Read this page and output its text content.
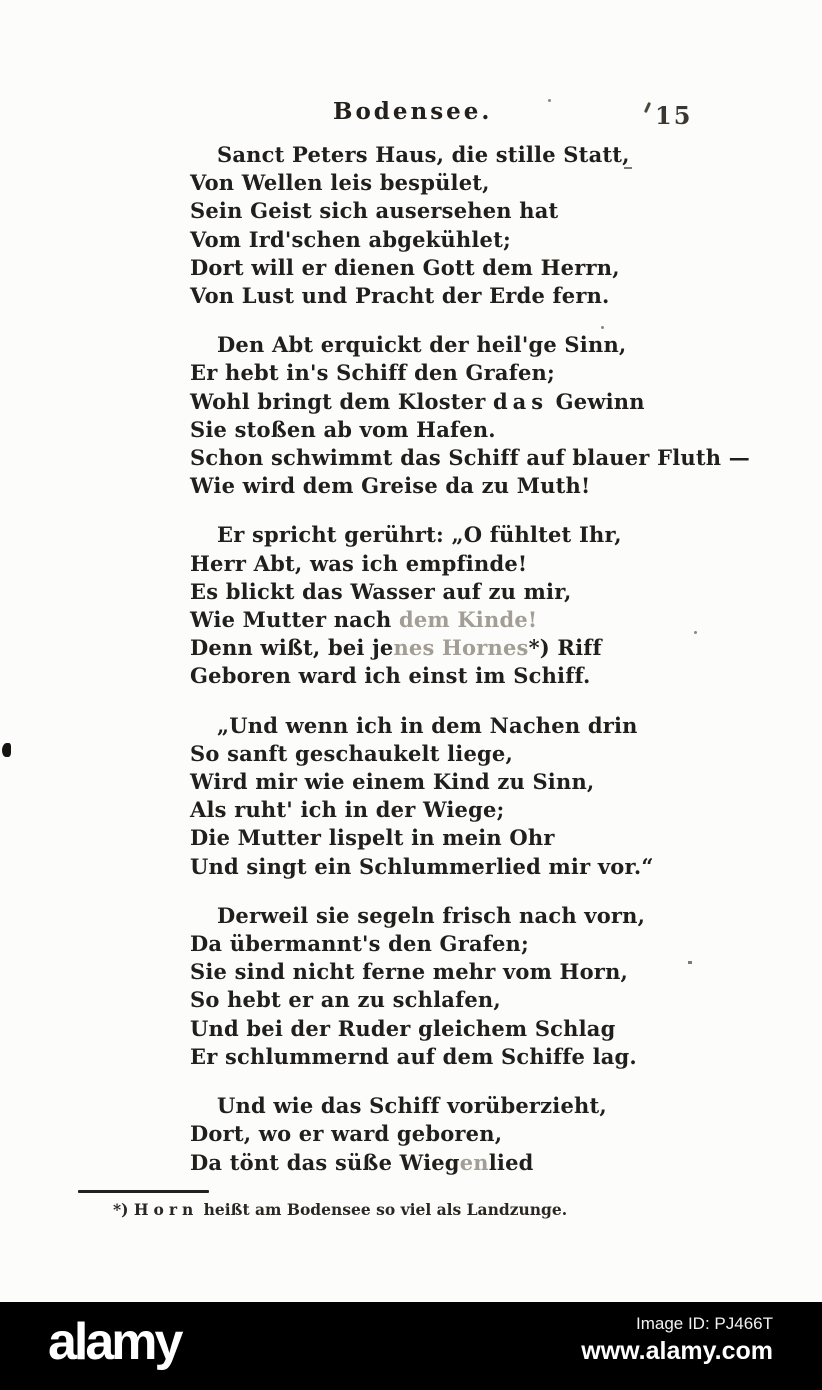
Bodensee.	15
Sanct Peters Haus, die stille Statt,
Von Wellen leis bespület,
Sein Geist sich ausersehen hat
Vom Ird'schen abgekühlet;
Dort will er dienen Gott dem Herrn,
Von Lust und Pracht der Erde fern.
Den Abt erquickt der heil'ge Sinn,
Er hebt in's Schiff den Grafen;
Wohl bringt dem Kloster das Gewinn
Sie stoßen ab vom Hafen.
Schon schwimmt das Schiff auf blauer Fluth —
Wie wird dem Greise da zu Muth!
Er spricht gerührt: „O fühltet Ihr,
Herr Abt, was ich empfinde!
Es blickt das Wasser auf zu mir,
Wie Mutter nach dem Kinde!
Denn wißt, bei jenes Hornes*) Riff
Geboren ward ich einst im Schiff.
„Und wenn ich in dem Nachen drin
So sanft geschaukelt liege,
Wird mir wie einem Kind zu Sinn,
Als ruht' ich in der Wiege;
Die Mutter lispelt in mein Ohr
Und singt ein Schlummerlied mir vor.“
Derweil sie segeln frisch nach vorn,
Da übermannt's den Grafen;
Sie sind nicht ferne mehr vom Horn,
So hebt er an zu schlafen,
Und bei der Ruder gleichem Schlag
Er schlummernd auf dem Schiffe lag.
Und wie das Schiff vorüberzieht,
Dort, wo er ward geboren,
Da tönt das süße Wiegenlied
*) Horn heißt am Bodensee so viel als Landzunge.
alamy	Image ID: PJ466T
www.alamy.com
